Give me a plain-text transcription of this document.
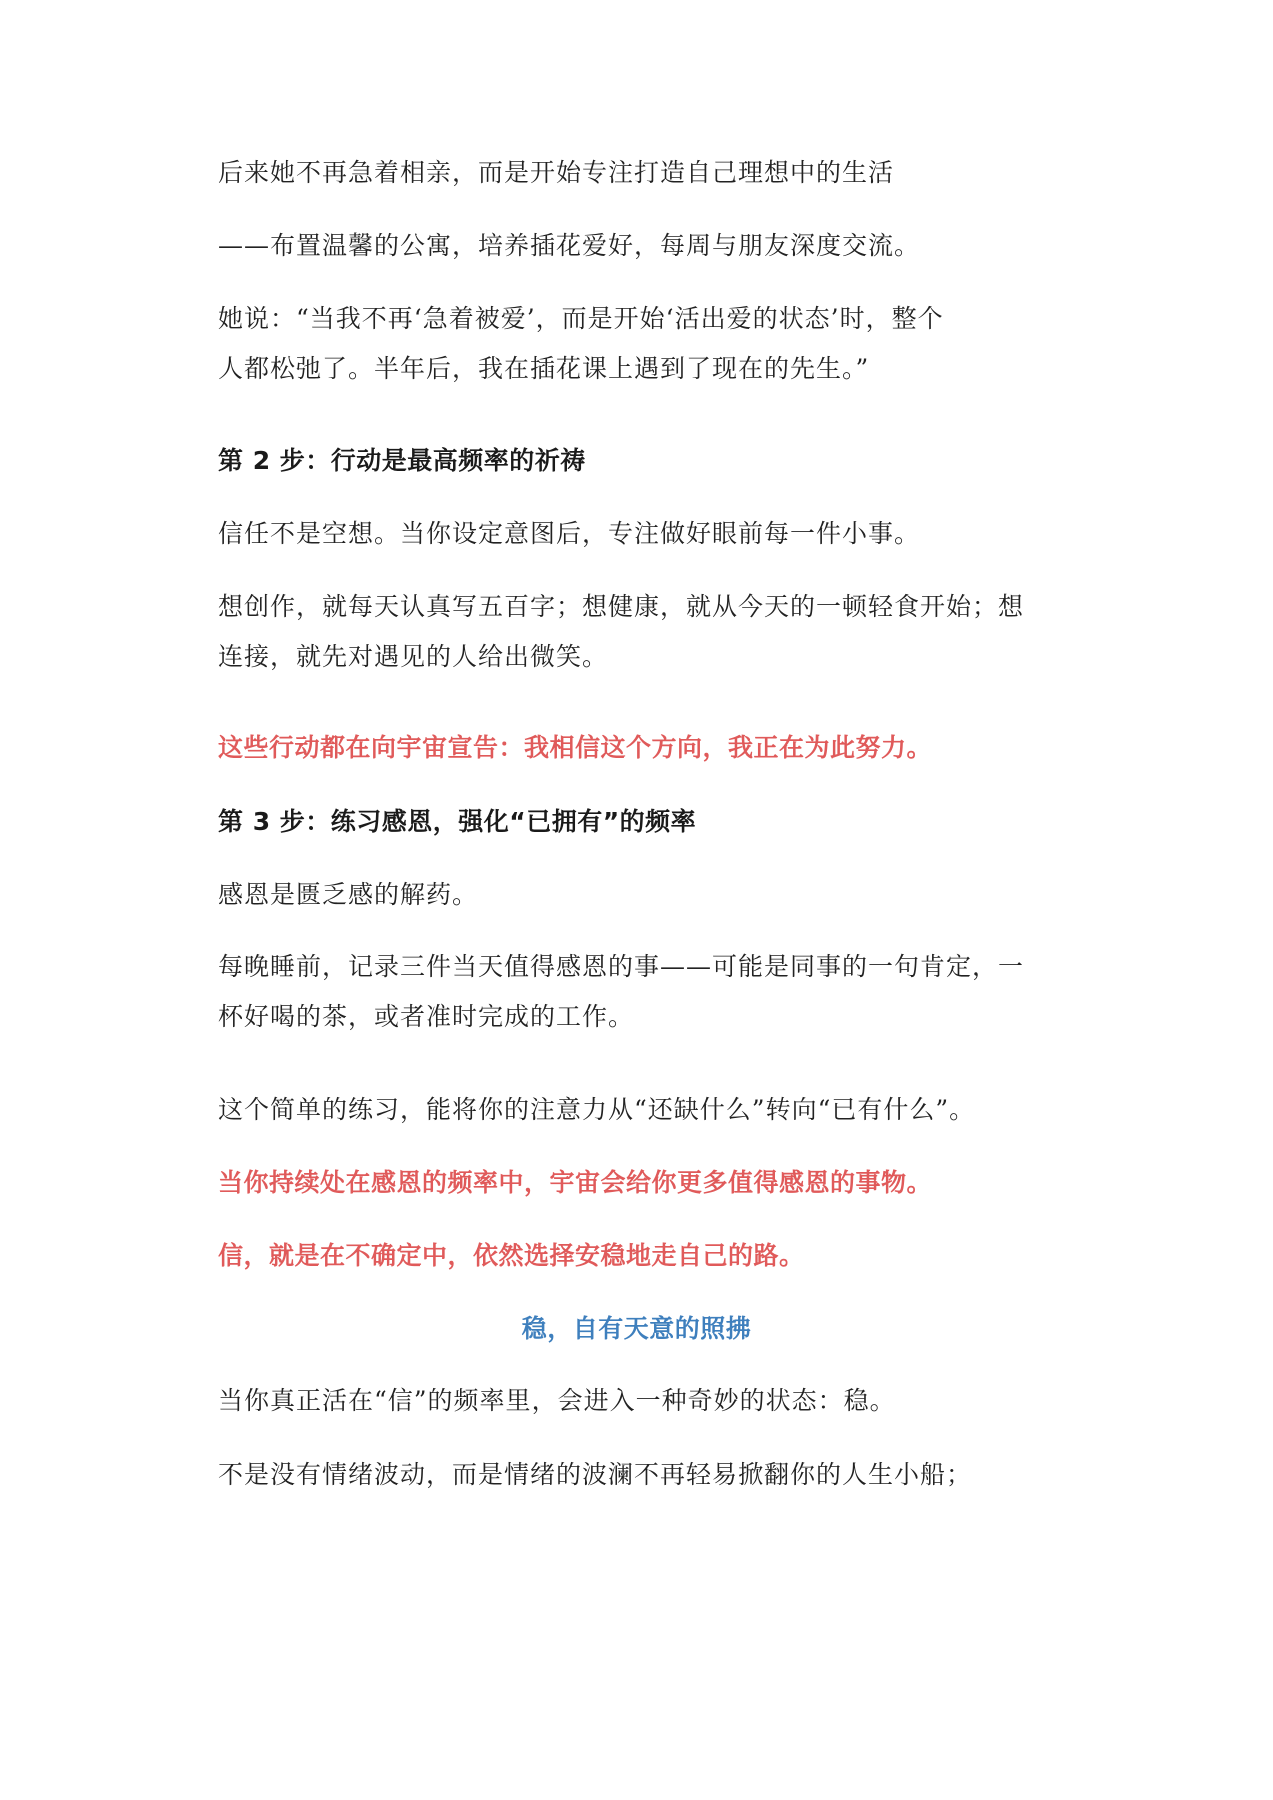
后来她不再急着相亲，而是开始专注打造自己理想中的生活
——布置温馨的公寓，培养插花爱好，每周与朋友深度交流。
她说：“当我不再‘急着被爱’，而是开始‘活出爱的状态’时，整个
人都松弛了。半年后，我在插花课上遇到了现在的先生。”
第 2 步：行动是最高频率的祈祷
信任不是空想。当你设定意图后，专注做好眼前每一件小事。
想创作，就每天认真写五百字；想健康，就从今天的一顿轻食开始；想
连接，就先对遇见的人给出微笑。
这些行动都在向宇宙宣告：我相信这个方向，我正在为此努力。
第 3 步：练习感恩，强化“已拥有”的频率
感恩是匮乏感的解药。
每晚睡前，记录三件当天值得感恩的事——可能是同事的一句肯定，一
杯好喝的茶，或者准时完成的工作。
这个简单的练习，能将你的注意力从“还缺什么”转向“已有什么”。
当你持续处在感恩的频率中，宇宙会给你更多值得感恩的事物。
信，就是在不确定中，依然选择安稳地走自己的路。
稳，自有天意的照拂
当你真正活在“信”的频率里，会进入一种奇妙的状态：稳。
不是没有情绪波动，而是情绪的波澜不再轻易掀翻你的人生小船；
